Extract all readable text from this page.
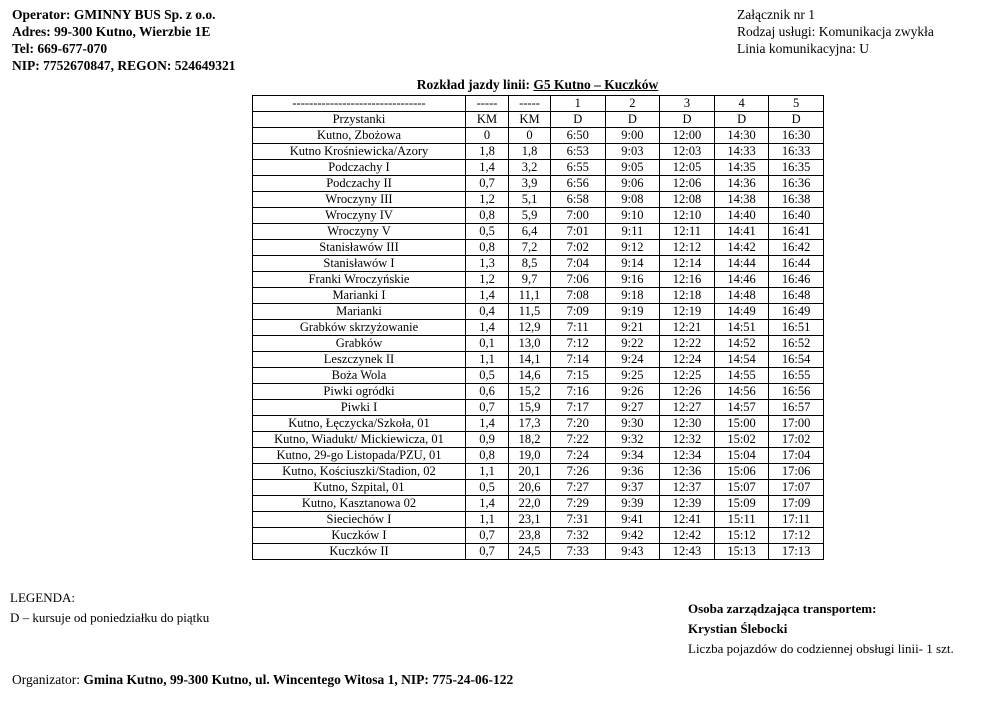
Operator: GMINNY BUS Sp. z o.o.
Adres: 99-300 Kutno, Wierzbie 1E
Tel: 669-677-070
NIP: 7752670847, REGON: 524649321
Załącznik nr 1
Rodzaj usługi: Komunikacja zwykła
Linia komunikacyjna: U
Rozkład jazdy linii: G5 Kutno – Kuczków
--------------------------------	-----	-----	1	2	3	4	5
Przystanki	KM	KM	D	D	D	D	D
Kutno, Zbożowa	0	0	6:50	9:00	12:00	14:30	16:30
Kutno Krośniewicka/Azory	1,8	1,8	6:53	9:03	12:03	14:33	16:33
Podczachy I	1,4	3,2	6:55	9:05	12:05	14:35	16:35
Podczachy II	0,7	3,9	6:56	9:06	12:06	14:36	16:36
Wroczyny III	1,2	5,1	6:58	9:08	12:08	14:38	16:38
Wroczyny IV	0,8	5,9	7:00	9:10	12:10	14:40	16:40
Wroczyny V	0,5	6,4	7:01	9:11	12:11	14:41	16:41
Stanisławów III	0,8	7,2	7:02	9:12	12:12	14:42	16:42
Stanisławów I	1,3	8,5	7:04	9:14	12:14	14:44	16:44
Franki Wroczyńskie	1,2	9,7	7:06	9:16	12:16	14:46	16:46
Marianki I	1,4	11,1	7:08	9:18	12:18	14:48	16:48
Marianki	0,4	11,5	7:09	9:19	12:19	14:49	16:49
Grabków skrzyżowanie	1,4	12,9	7:11	9:21	12:21	14:51	16:51
Grabków	0,1	13,0	7:12	9:22	12:22	14:52	16:52
Leszczynek II	1,1	14,1	7:14	9:24	12:24	14:54	16:54
Boża Wola	0,5	14,6	7:15	9:25	12:25	14:55	16:55
Piwki ogródki	0,6	15,2	7:16	9:26	12:26	14:56	16:56
Piwki I	0,7	15,9	7:17	9:27	12:27	14:57	16:57
Kutno, Łęczycka/Szkoła, 01	1,4	17,3	7:20	9:30	12:30	15:00	17:00
Kutno, Wiadukt/ Mickiewicza, 01	0,9	18,2	7:22	9:32	12:32	15:02	17:02
Kutno, 29-go Listopada/PZU, 01	0,8	19,0	7:24	9:34	12:34	15:04	17:04
Kutno, Kościuszki/Stadion, 02	1,1	20,1	7:26	9:36	12:36	15:06	17:06
Kutno, Szpital, 01	0,5	20,6	7:27	9:37	12:37	15:07	17:07
Kutno, Kasztanowa 02	1,4	22,0	7:29	9:39	12:39	15:09	17:09
Sieciechów I	1,1	23,1	7:31	9:41	12:41	15:11	17:11
Kuczków I	0,7	23,8	7:32	9:42	12:42	15:12	17:12
Kuczków II	0,7	24,5	7:33	9:43	12:43	15:13	17:13
LEGENDA:
D – kursuje od poniedziałku do piątku
Osoba zarządzająca transportem:
Krystian Ślebocki
Liczba pojazdów do codziennej obsługi linii- 1 szt.
Organizator: Gmina Kutno, 99-300 Kutno, ul. Wincentego Witosa 1, NIP: 775-24-06-122
